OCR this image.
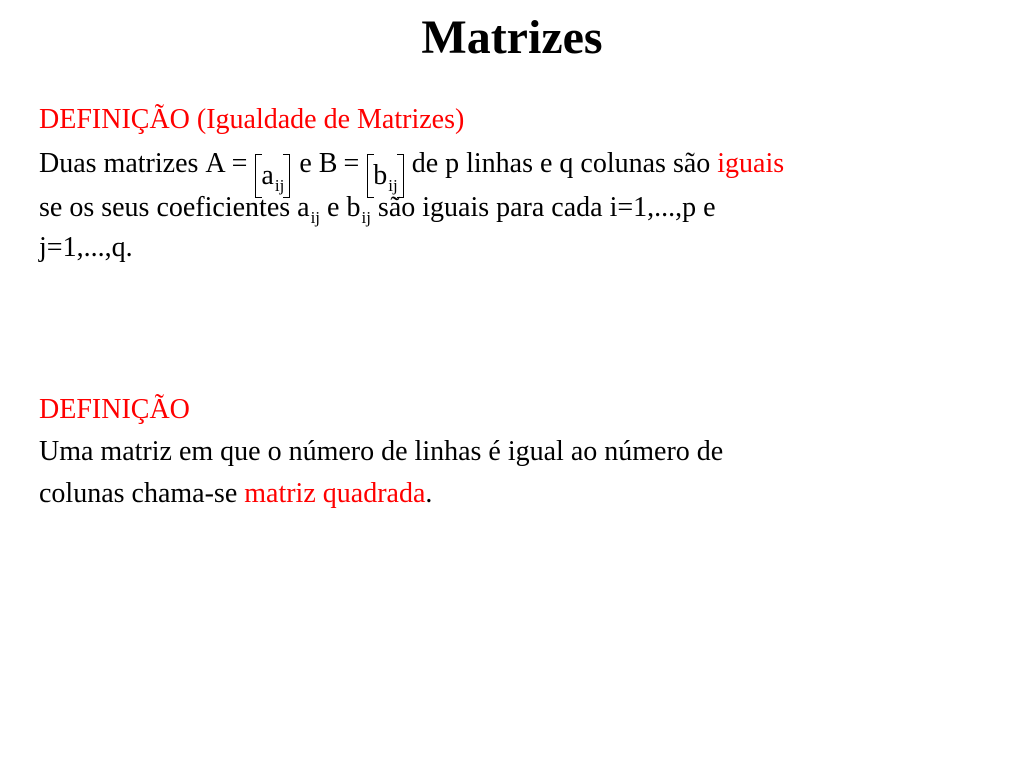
Matrizes
DEFINIÇÃO (Igualdade de Matrizes)
Duas matrizes $A = a_{ij}$ e $B = b_{ij}de$ p linhas e q colunas são iguais
se os seus coeficientes $a_{ij}$ e $b_{ij}$ são iguais para cada i=1,...,p e
j=1,...,q.
DEFINIÇÃO
Uma matriz em que o número de linhas é igual ao número de
colunas chama-se matriz quadrada.
